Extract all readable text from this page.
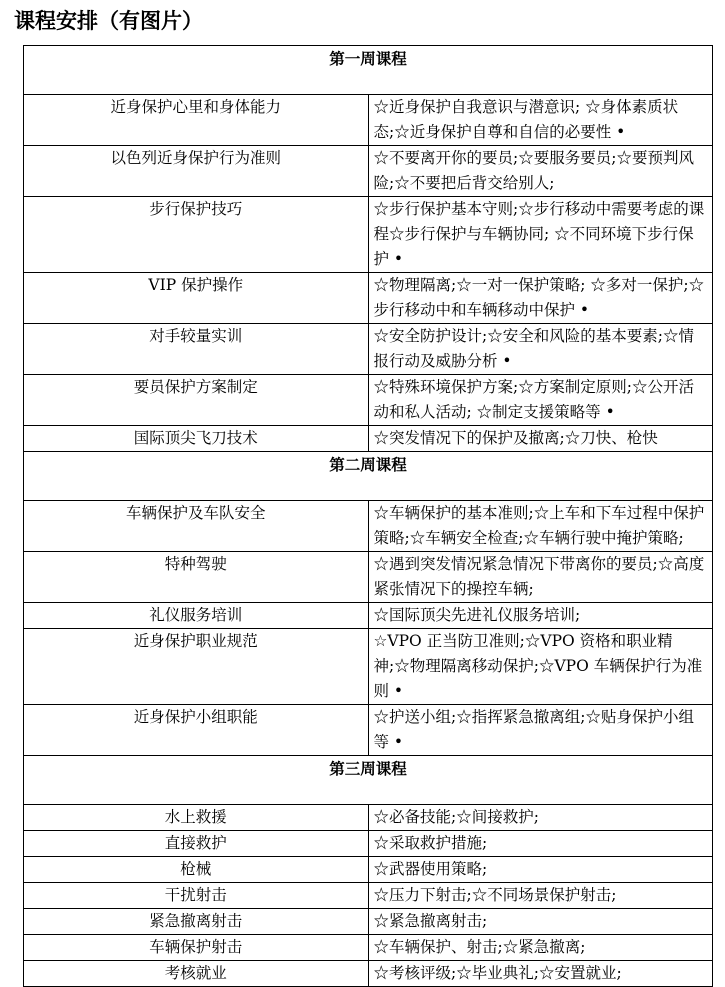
课程安排（有图片）
第一周课程	
近身保护心里和身体能力	☆近身保护自我意识与潜意识; ☆身体素质状态;☆近身保护自尊和自信的必要性 •
以色列近身保护行为准则	☆不要离开你的要员;☆要服务要员;☆要预判风险;☆不要把后背交给别人;
步行保护技巧	☆步行保护基本守则;☆步行移动中需要考虑的课程☆步行保护与车辆协同; ☆不同环境下步行保护 •
VIP 保护操作	☆物理隔离;☆一对一保护策略; ☆多对一保护;☆步行移动中和车辆移动中保护 •
对手较量实训	☆安全防护设计;☆安全和风险的基本要素;☆情报行动及威胁分析 •
要员保护方案制定	☆特殊环境保护方案;☆方案制定原则;☆公开活动和私人活动; ☆制定支援策略等 •
国际顶尖飞刀技术	☆突发情况下的保护及撤离;☆刀快、枪快
第二周课程	
车辆保护及车队安全	☆车辆保护的基本准则;☆上车和下车过程中保护策略;☆车辆安全检查;☆车辆行驶中掩护策略;
特种驾驶	☆遇到突发情况紧急情况下带离你的要员;☆高度紧张情况下的操控车辆;
礼仪服务培训	☆国际顶尖先进礼仪服务培训;
近身保护职业规范	☆VPO 正当防卫准则;☆VPO 资格和职业精神;☆物理隔离移动保护;☆VPO 车辆保护行为准则 •
近身保护小组职能	☆护送小组;☆指挥紧急撤离组;☆贴身保护小组等 •
第三周课程	
水上救援	☆必备技能;☆间接救护;
直接救护	☆采取救护措施;
枪械	☆武器使用策略;
干扰射击	☆压力下射击;☆不同场景保护射击;
紧急撤离射击	☆紧急撤离射击;
车辆保护射击	☆车辆保护、射击;☆紧急撤离;
考核就业	☆考核评级;☆毕业典礼;☆安置就业;
